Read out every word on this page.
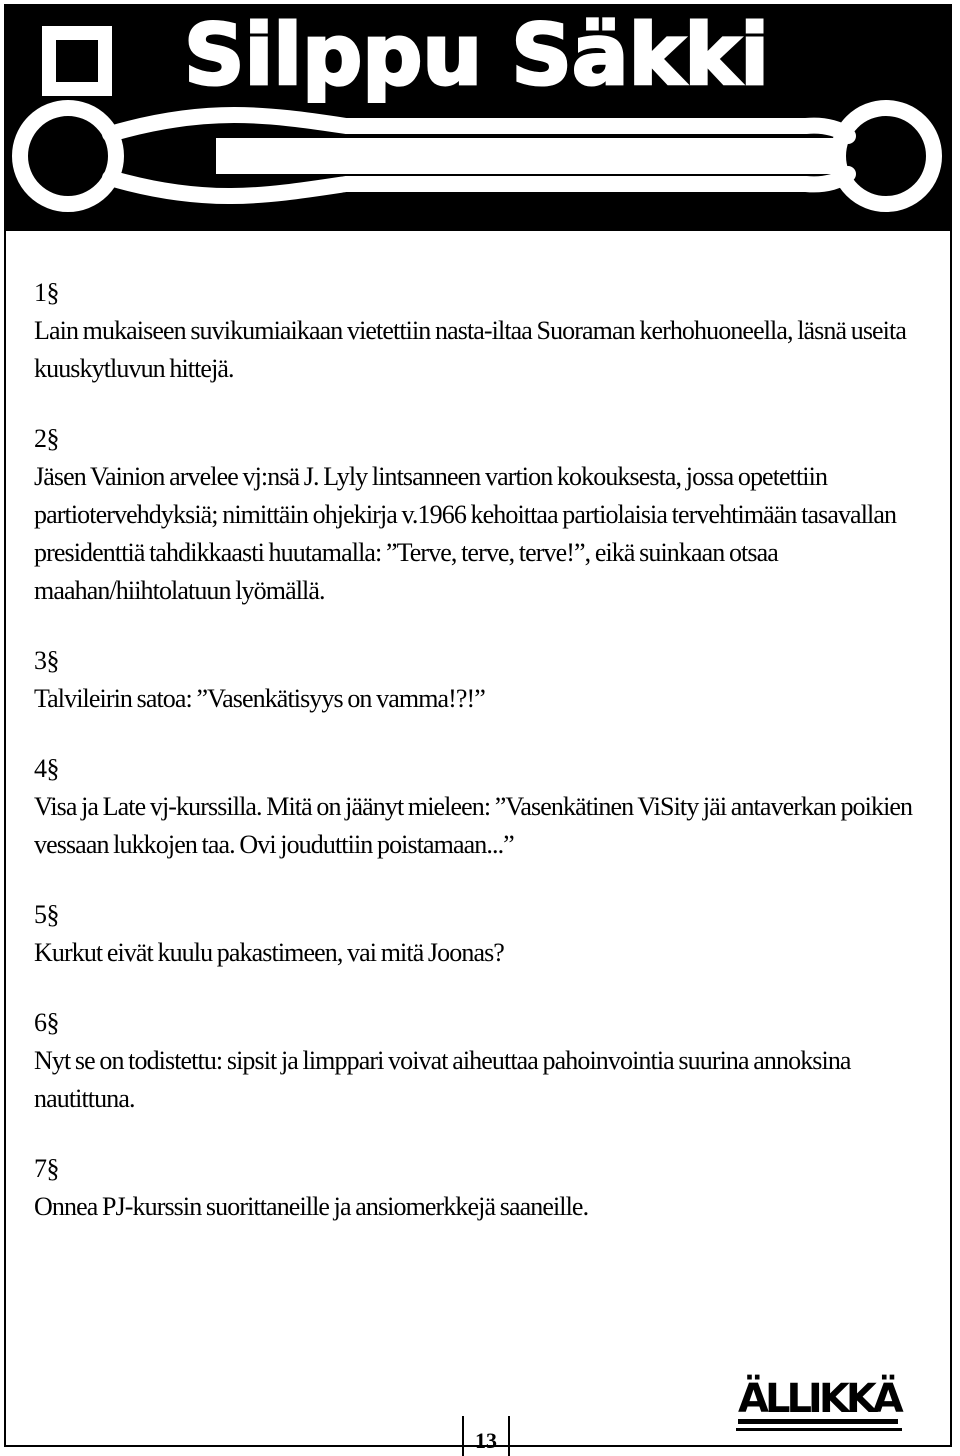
Silppu Säkki
1§
Lain mukaiseen suvikumiaikaan vietettiin nasta-iltaa Suoraman kerhohuoneella, läsnä useita kuuskytluvun hittejä.
2§
Jäsen Vainion arvelee vj:nsä J. Lyly lintsanneen vartion kokouksesta, jossa opetettiin partiotervehdyksiä; nimittäin ohjekirja v.1966 kehoittaa partiolaisia tervehtimään tasavallan presidenttiä tahdikkaasti huutamalla: ”Terve, terve, terve!”, eikä suinkaan otsaa maahan/hiihtolatuun lyömällä.
3§
Talvileirin satoa: ”Vasenkätisyys on vamma!?!”
4§
Visa ja Late vj-kurssilla. Mitä on jäänyt mieleen: ”Vasenkätinen ViSity jäi antaverkan poikien vessaan lukkojen taa. Ovi jouduttiin poistamaan...”
5§
Kurkut eivät kuulu pakastimeen, vai mitä Joonas?
6§
Nyt se on todistettu: sipsit ja limppari voivat aiheuttaa pahoinvointia suurina annoksina nautittuna.
7§
Onnea PJ-kurssin suorittaneille ja ansiomerkkejä saaneille.
ÄLLIKKÄ
13
